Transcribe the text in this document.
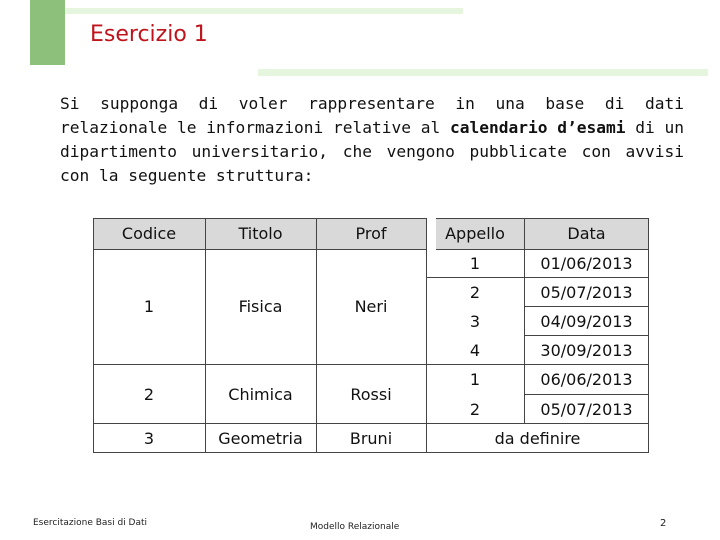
Esercizio 1
Si supponga di voler rappresentare in una base di dati relazionale le informazioni relative al calendario d’esami di un dipartimento universitario, che vengono pubblicate con avvisi con la seguente struttura:
Codice	Titolo	Prof	Appello	Data
1	Fisica	Neri
1	01/06/2013
2	05/07/2013
3	04/09/2013
4	30/09/2013
2	Chimica	Rossi
1	06/06/2013
2	05/07/2013
3	Geometria	Bruni	da definire
Esercitazione Basi di Dati	Modello Relazionale	2
